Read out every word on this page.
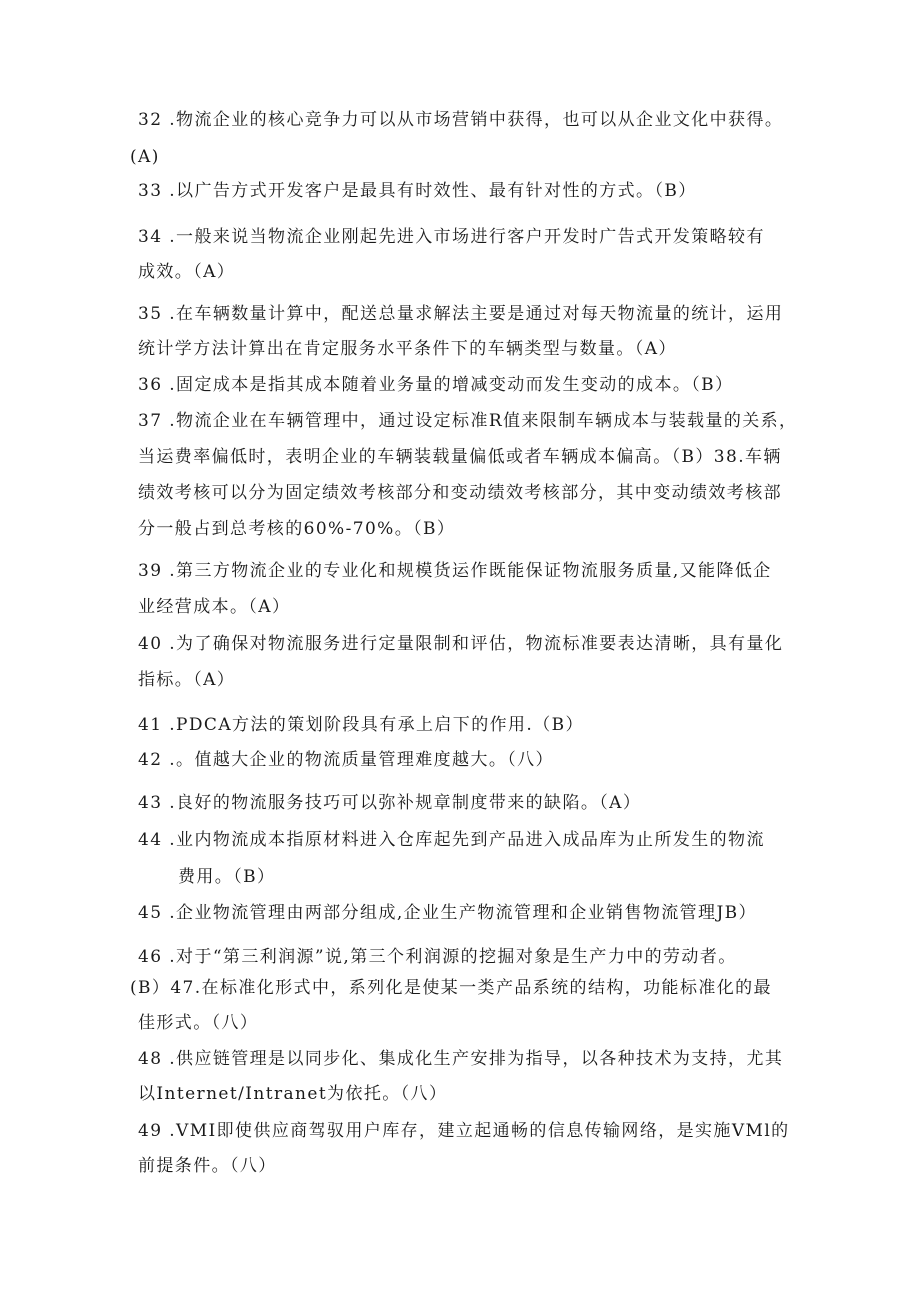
32 .物流企业的核心竞争力可以从市场营销中获得，也可以从企业文化中获得。
(A)
33 .以广告方式开发客户是最具有时效性、最有针对性的方式。（B）
34 .一般来说当物流企业刚起先进入市场进行客户开发时广告式开发策略较有
成效。（A）
35 .在车辆数量计算中，配送总量求解法主要是通过对每天物流量的统计，运用
统计学方法计算出在肯定服务水平条件下的车辆类型与数量。（A）
36 .固定成本是指其成本随着业务量的增减变动而发生变动的成本。（B）
37 .物流企业在车辆管理中，通过设定标准R值来限制车辆成本与装载量的关系，
当运费率偏低时，表明企业的车辆装载量偏低或者车辆成本偏高。（B）38.车辆
绩效考核可以分为固定绩效考核部分和变动绩效考核部分，其中变动绩效考核部
分一般占到总考核的60%-70%。（B）
39 .第三方物流企业的专业化和规模货运作既能保证物流服务质量,又能降低企
业经营成本。（A）
40 .为了确保对物流服务进行定量限制和评估，物流标准要表达清晰，具有量化
指标。（A）
41 .PDCA方法的策划阶段具有承上启下的作用.（B）
42 .。值越大企业的物流质量管理难度越大。（八）
43 .良好的物流服务技巧可以弥补规章制度带来的缺陷。（A）
44 .业内物流成本指原材料进入仓库起先到产品进入成品库为止所发生的物流
费用。（B）
45 .企业物流管理由两部分组成,企业生产物流管理和企业销售物流管理JB）
46 .对于“第三利润源”说,第三个利润源的挖掘对象是生产力中的劳动者。
(B）47.在标准化形式中，系列化是使某一类产品系统的结构，功能标准化的最
佳形式。（八）
48 .供应链管理是以同步化、集成化生产安排为指导，以各种技术为支持，尤其
以Internet/Intranet为依托。（八）
49 .VMI即使供应商驾驭用户库存，建立起通畅的信息传输网络，是实施VMl的
前提条件。（八）
